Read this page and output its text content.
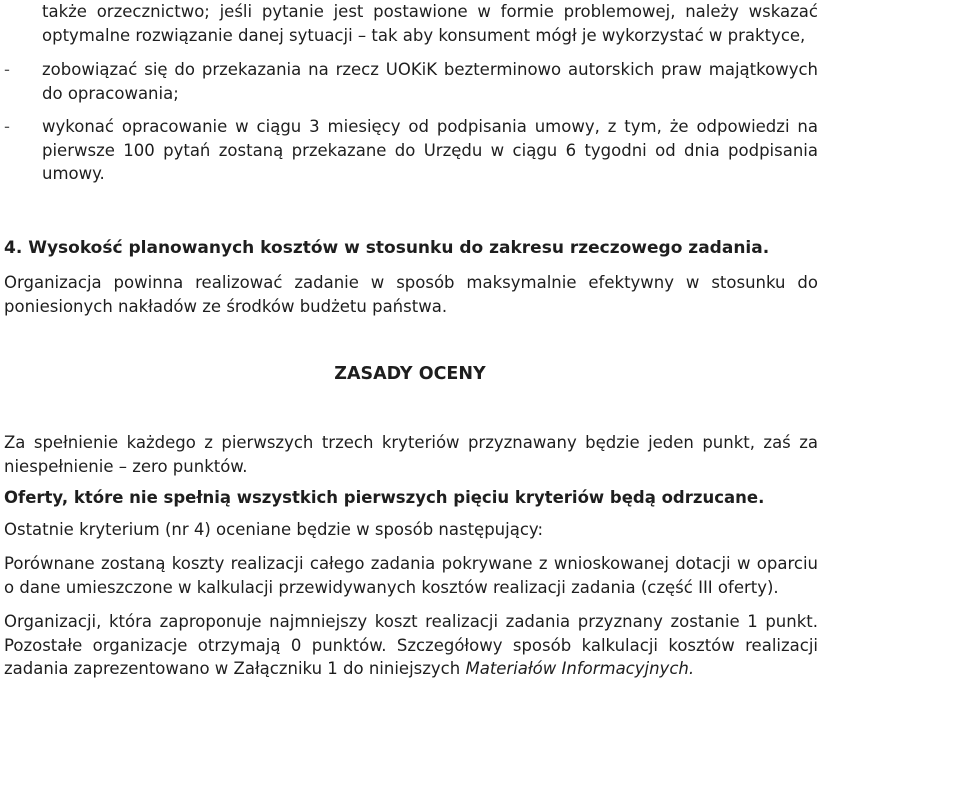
także orzecznictwo; jeśli pytanie jest postawione w formie problemowej, należy wskazać optymalne rozwiązanie danej sytuacji – tak aby konsument mógł je wykorzystać w praktyce,

-	zobowiązać się do przekazania na rzecz UOKiK bezterminowo autorskich praw majątkowych do opracowania;
-	wykonać opracowanie w ciągu 3 miesięcy od podpisania umowy, z tym, że odpowiedzi na pierwsze 100 pytań zostaną przekazane do Urzędu w ciągu 6 tygodni od dnia podpisania umowy.
4. Wysokość planowanych kosztów w stosunku do zakresu rzeczowego zadania.

Organizacja powinna realizować zadanie w sposób maksymalnie efektywny w stosunku do poniesionych nakładów ze środków budżetu państwa.

ZASADY OCENY

Za spełnienie każdego z pierwszych trzech kryteriów przyznawany będzie jeden punkt, zaś za niespełnienie – zero punktów.

Oferty, które nie spełnią wszystkich pierwszych pięciu kryteriów będą odrzucane.

Ostatnie kryterium (nr 4) oceniane będzie w sposób następujący:

Porównane zostaną koszty realizacji całego zadania pokrywane z wnioskowanej dotacji w oparciu o dane umieszczone w kalkulacji przewidywanych kosztów realizacji zadania (część III oferty).

Organizacji, która zaproponuje najmniejszy koszt realizacji zadania przyznany zostanie 1 punkt. Pozostałe organizacje otrzymają 0 punktów. Szczegółowy sposób kalkulacji kosztów realizacji zadania zaprezentowano w Załączniku 1 do niniejszych Materiałów Informacyjnych.
